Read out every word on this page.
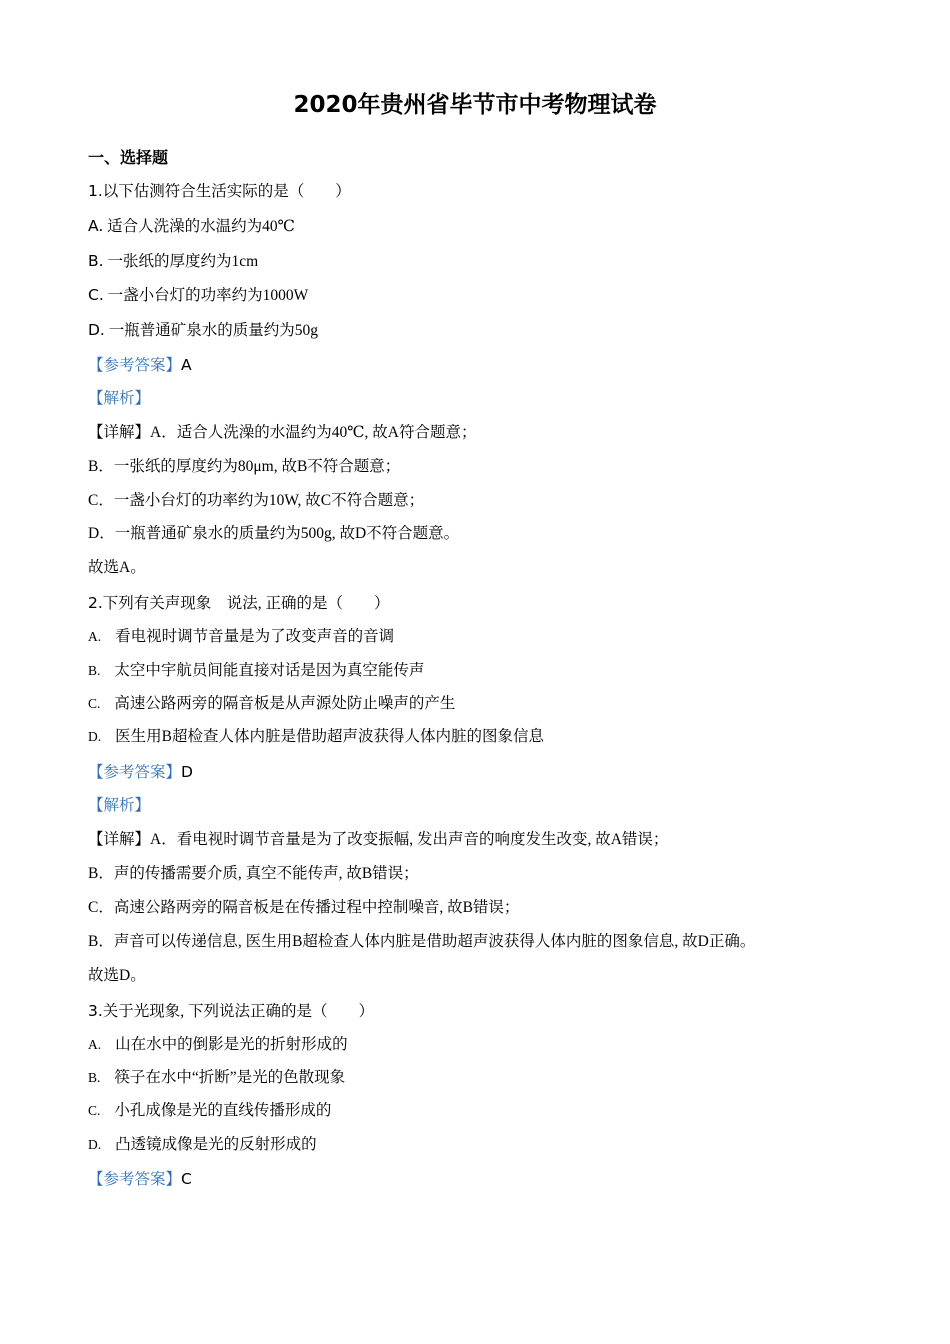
2020年贵州省毕节市中考物理试卷
一、选择题
1.以下估测符合生活实际的是（　　）
A. 适合人洗澡的水温约为40℃
B. 一张纸的厚度约为1cm
C. 一盏小台灯的功率约为1000W
D. 一瓶普通矿泉水的质量约为50g
【参考答案】A
【解析】
【详解】A．适合人洗澡的水温约为40℃, 故A符合题意；
B．一张纸的厚度约为80μm, 故B不符合题意；
C．一盏小台灯的功率约为10W, 故C不符合题意；
D．一瓶普通矿泉水的质量约为500g, 故D不符合题意。
故选A。
2.下列有关声现象　说法, 正确的是（　　）
A. 看电视时调节音量是为了改变声音的音调
B. 太空中宇航员间能直接对话是因为真空能传声
C. 高速公路两旁的隔音板是从声源处防止噪声的产生
D. 医生用B超检查人体内脏是借助超声波获得人体内脏的图象信息
【参考答案】D
【解析】
【详解】A．看电视时调节音量是为了改变振幅, 发出声音的响度发生改变, 故A错误；
B．声的传播需要介质, 真空不能传声, 故B错误；
C．高速公路两旁的隔音板是在传播过程中控制噪音, 故B错误；
B．声音可以传递信息, 医生用B超检查人体内脏是借助超声波获得人体内脏的图象信息, 故D正确。
故选D。
3.关于光现象, 下列说法正确的是（　　）
A. 山在水中的倒影是光的折射形成的
B. 筷子在水中“折断”是光的色散现象
C. 小孔成像是光的直线传播形成的
D. 凸透镜成像是光的反射形成的
【参考答案】C
